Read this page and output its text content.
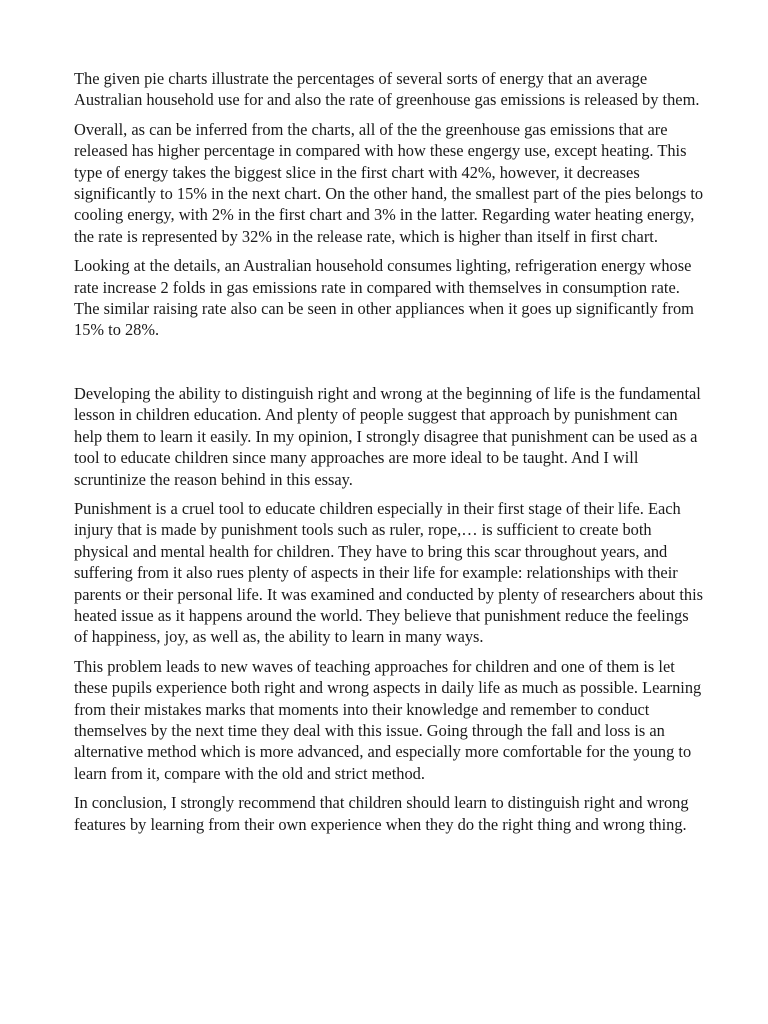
The given pie charts illustrate the percentages of several sorts of energy that an average Australian household use for and also the rate of greenhouse gas emissions is released by them.

Overall, as can be inferred from the charts, all of the the greenhouse gas emissions that are released has higher percentage in compared with how these engergy use, except heating. This type of energy takes the biggest slice in the first chart with 42%, however, it decreases significantly to 15% in the next chart. On the other hand, the smallest part of the pies belongs to cooling energy, with 2% in the first chart and 3% in the latter. Regarding water heating energy, the rate is represented by 32% in the release rate, which is higher than itself in first chart.

Looking at the details, an Australian household consumes lighting, refrigeration energy whose rate increase 2 folds in gas emissions rate in compared with themselves in consumption rate. The similar raising rate also can be seen in other appliances when it goes up significantly from 15% to 28%.

Developing the ability to distinguish right and wrong at the beginning of life is the fundamental lesson in children education. And plenty of people suggest that approach by punishment can help them to learn it easily. In my opinion, I strongly disagree that punishment can be used as a tool to educate children since many approaches are more ideal to be taught. And I will scruntinize the reason behind in this essay.

Punishment is a cruel tool to educate children especially in their first stage of their life. Each injury that is made by punishment tools such as ruler, rope,… is sufficient to create both physical and mental health for children. They have to bring this scar throughout years, and suffering from it also rues plenty of aspects in their life for example: relationships with their parents or their personal life. It was examined and conducted by plenty of researchers about this heated issue as it happens around the world. They believe that punishment reduce the feelings of happiness, joy, as well as, the ability to learn in many ways.

This problem leads to new waves of teaching approaches for children and one of them is let these pupils experience both right and wrong aspects in daily life as much as possible. Learning from their mistakes marks that moments into their knowledge and remember to conduct themselves by the next time they deal with this issue. Going through the fall and loss is an alternative method which is more advanced, and especially more comfortable for the young to learn from it, compare with the old and strict method.

In conclusion, I strongly recommend that children should learn to distinguish right and wrong features by learning from their own experience when they do the right thing and wrong thing.
